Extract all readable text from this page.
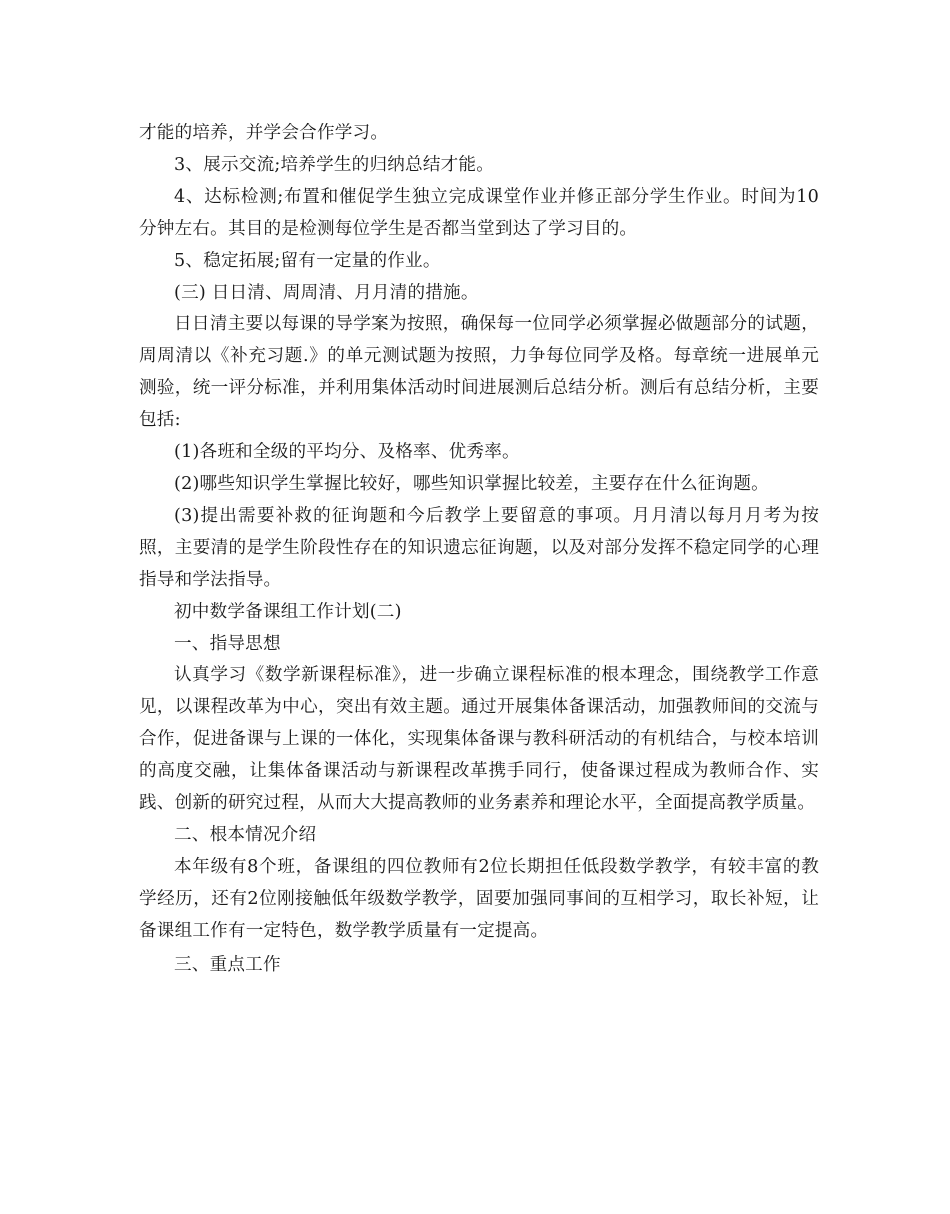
才能的培养，并学会合作学习。

3、展示交流;培养学生的归纳总结才能。

4、达标检测;布置和催促学生独立完成课堂作业并修正部分学生作业。时间为10分钟左右。其目的是检测每位学生是否都当堂到达了学习目的。

5、稳定拓展;留有一定量的作业。

(三) 日日清、周周清、月月清的措施。

日日清主要以每课的导学案为按照，确保每一位同学必须掌握必做题部分的试题，周周清以《补充习题.》的单元测试题为按照，力争每位同学及格。每章统一进展单元测验，统一评分标准，并利用集体活动时间进展测后总结分析。测后有总结分析，主要包括:

(1)各班和全级的平均分、及格率、优秀率。

(2)哪些知识学生掌握比较好，哪些知识掌握比较差，主要存在什么征询题。

(3)提出需要补救的征询题和今后教学上要留意的事项。月月清以每月月考为按照，主要清的是学生阶段性存在的知识遗忘征询题，以及对部分发挥不稳定同学的心理指导和学法指导。

初中数学备课组工作计划(二)

一、指导思想

认真学习《数学新课程标准》，进一步确立课程标准的根本理念，围绕教学工作意见，以课程改革为中心，突出有效主题。通过开展集体备课活动，加强教师间的交流与合作，促进备课与上课的一体化，实现集体备课与教科研活动的有机结合，与校本培训的高度交融，让集体备课活动与新课程改革携手同行，使备课过程成为教师合作、实践、创新的研究过程，从而大大提高教师的业务素养和理论水平，全面提高教学质量。

二、根本情况介绍

本年级有8个班，备课组的四位教师有2位长期担任低段数学教学，有较丰富的教学经历，还有2位刚接触低年级数学教学，固要加强同事间的互相学习，取长补短，让备课组工作有一定特色，数学教学质量有一定提高。

三、重点工作
